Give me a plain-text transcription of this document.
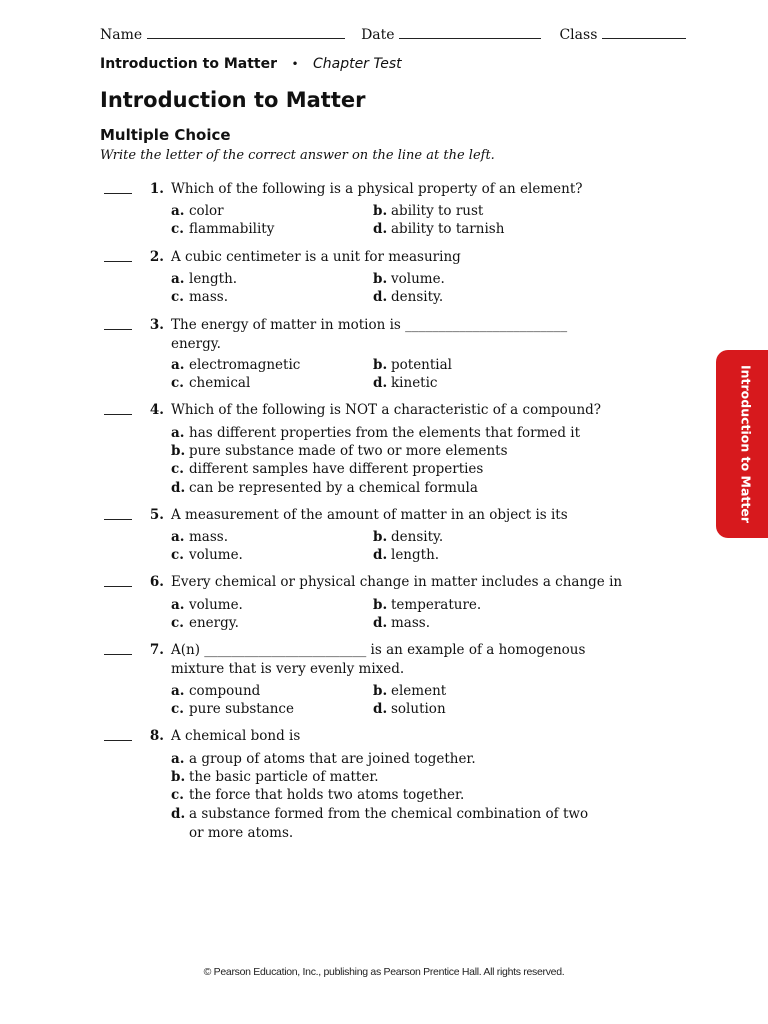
Name	Date	Class
Introduction to Matter • Chapter Test
Introduction to Matter
Multiple Choice
Write the letter of the correct answer on the line at the left.
1. Which of the following is a physical property of an element?
a. color	b. ability to rust
c. flammability	d. ability to tarnish
2. A cubic centimeter is a unit for measuring
a. length.	b. volume.
c. mass.	d. density.
3. The energy of matter in motion is ________________________ energy.
a. electromagnetic	b. potential
c. chemical	d. kinetic
4. Which of the following is NOT a characteristic of a compound?
a. has different properties from the elements that formed it
b. pure substance made of two or more elements
c. different samples have different properties
d. can be represented by a chemical formula
5. A measurement of the amount of matter in an object is its
a. mass.	b. density.
c. volume.	d. length.
6. Every chemical or physical change in matter includes a change in
a. volume.	b. temperature.
c. energy.	d. mass.
7. A(n) ________________________ is an example of a homogenous mixture that is very evenly mixed.
a. compound	b. element
c. pure substance	d. solution
8. A chemical bond is
a. a group of atoms that are joined together.
b. the basic particle of matter.
c. the force that holds two atoms together.
d. a substance formed from the chemical combination of two or more atoms.
Introduction to Matter
© Pearson Education, Inc., publishing as Pearson Prentice Hall. All rights reserved.
